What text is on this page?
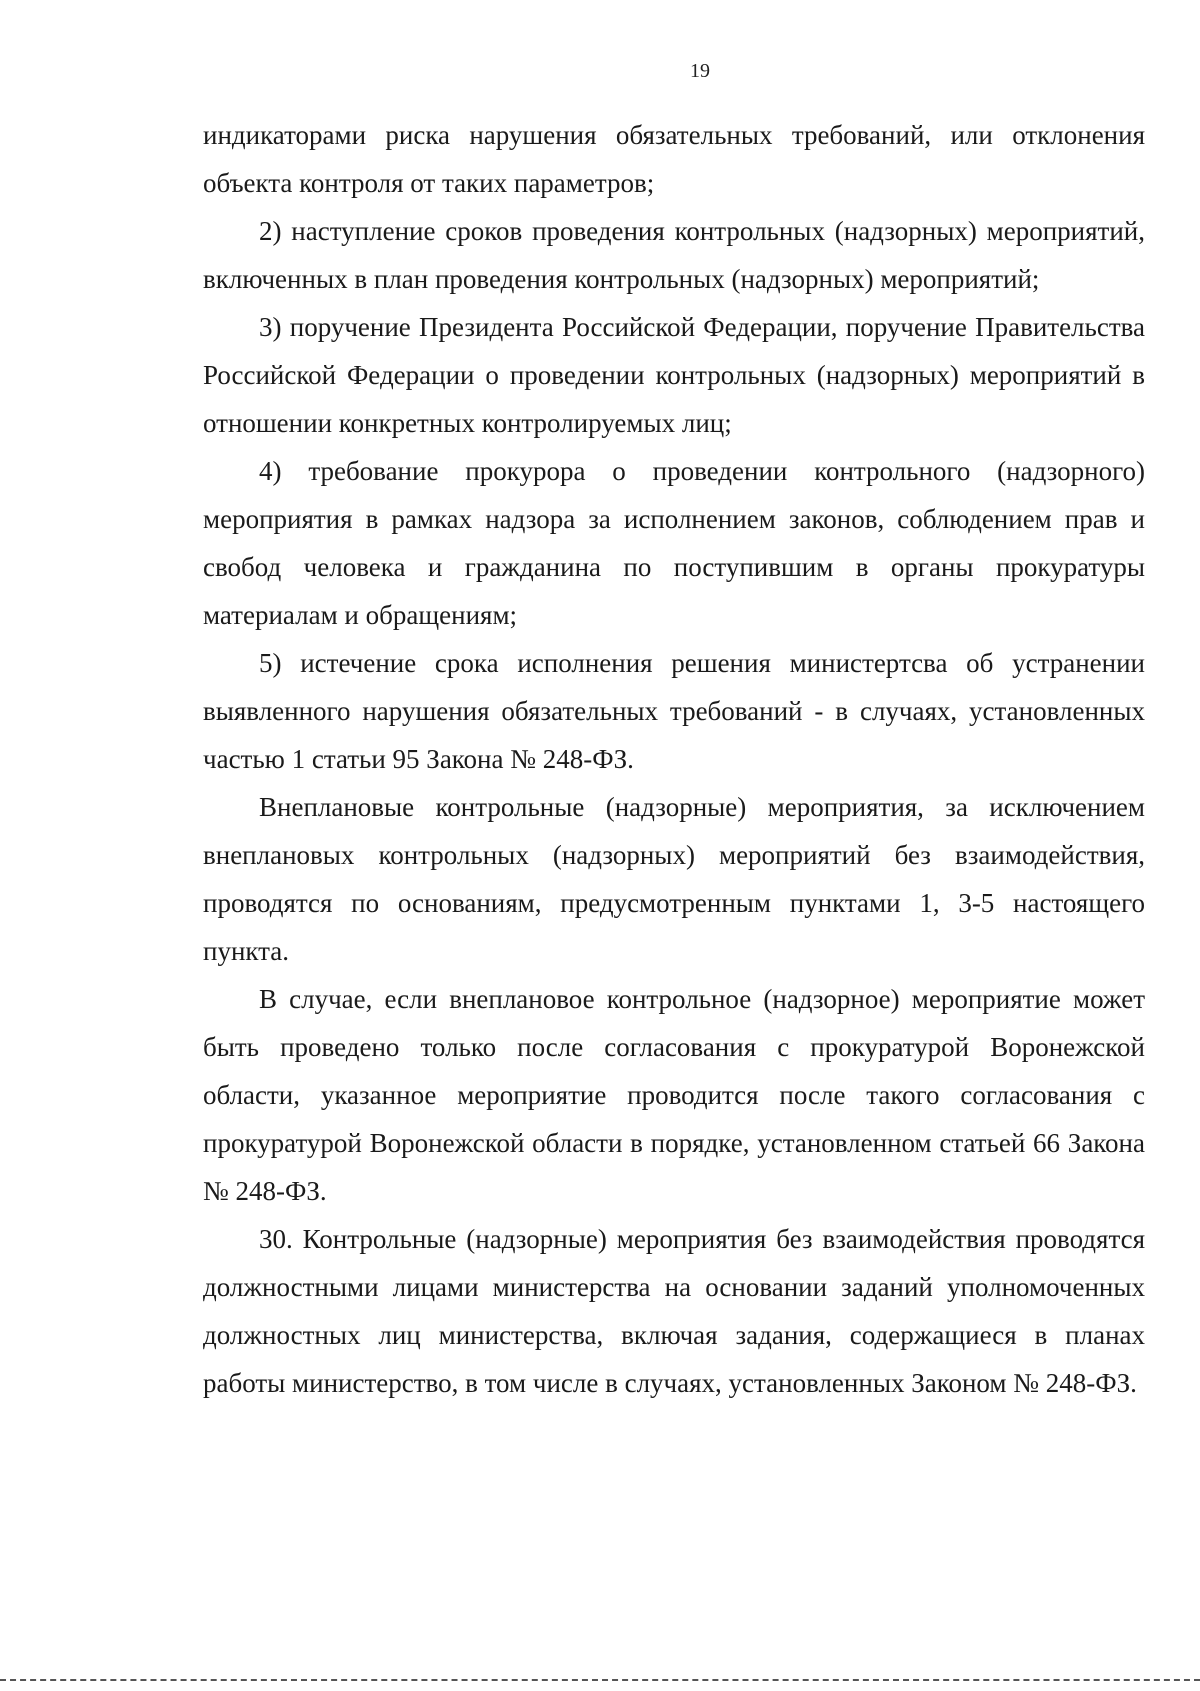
19

индикаторами риска нарушения обязательных требований, или отклонения объекта контроля от таких параметров;

2) наступление сроков проведения контрольных (надзорных) мероприятий, включенных в план проведения контрольных (надзорных) мероприятий;

3) поручение Президента Российской Федерации, поручение Правительства Российской Федерации о проведении контрольных (надзорных) мероприятий в отношении конкретных контролируемых лиц;

4) требование прокурора о проведении контрольного (надзорного) мероприятия в рамках надзора за исполнением законов, соблюдением прав и свобод человека и гражданина по поступившим в органы прокуратуры материалам и обращениям;

5) истечение срока исполнения решения министертсва об устранении выявленного нарушения обязательных требований - в случаях, установленных частью 1 статьи 95 Закона № 248-ФЗ.

Внеплановые контрольные (надзорные) мероприятия, за исключением внеплановых контрольных (надзорных) мероприятий без взаимодействия, проводятся по основаниям, предусмотренным пунктами 1, 3-5 настоящего пункта.

В случае, если внеплановое контрольное (надзорное) мероприятие может быть проведено только после согласования с прокуратурой Воронежской области, указанное мероприятие проводится после такого согласования с прокуратурой Воронежской области в порядке, установленном статьей 66 Закона № 248-ФЗ.

30. Контрольные (надзорные) мероприятия без взаимодействия проводятся должностными лицами министерства на основании заданий уполномоченных должностных лиц министерства, включая задания, содержащиеся в планах работы министерство, в том числе в случаях, установленных Законом № 248-ФЗ.
